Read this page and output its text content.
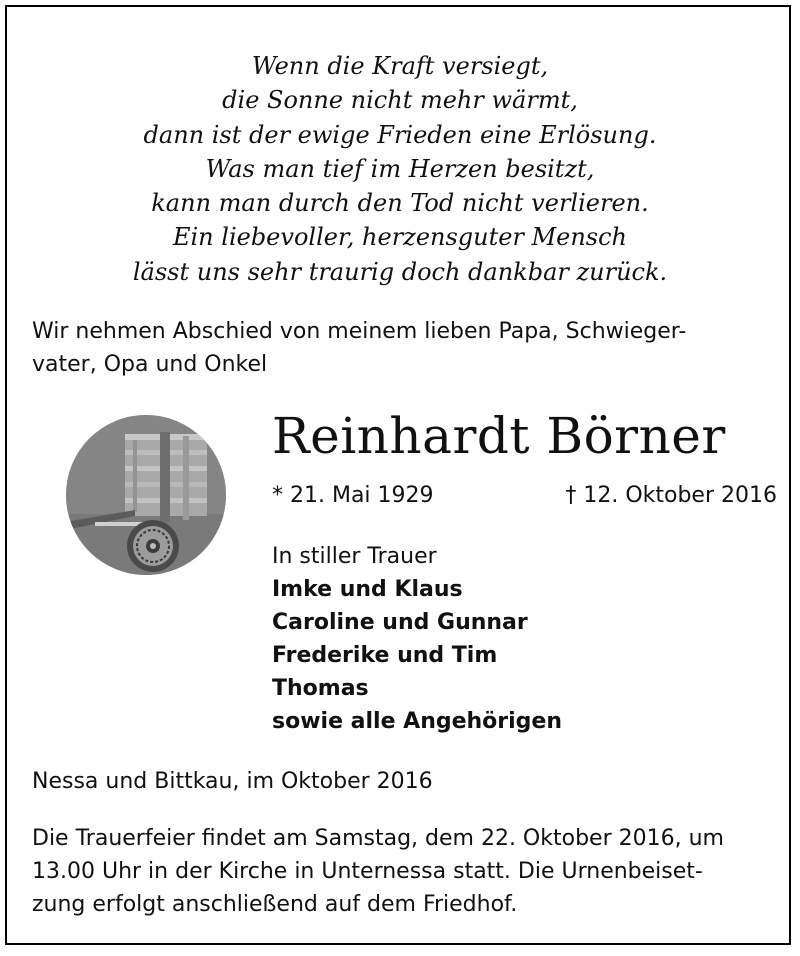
Wenn die Kraft versiegt,
die Sonne nicht mehr wärmt,
dann ist der ewige Frieden eine Erlösung.
Was man tief im Herzen besitzt,
kann man durch den Tod nicht verlieren.
Ein liebevoller, herzensguter Mensch
lässt uns sehr traurig doch dankbar zurück.
Wir nehmen Abschied von meinem lieben Papa, Schwieger-
vater, Opa und Onkel
Reinhardt Börner
* 21. Mai 1929	† 12. Oktober 2016
In stiller Trauer
Imke und Klaus
Caroline und Gunnar
Frederike und Tim
Thomas
sowie alle Angehörigen
Nessa und Bittkau, im Oktober 2016
Die Trauerfeier findet am Samstag, dem 22. Oktober 2016, um
13.00 Uhr in der Kirche in Unternessa statt. Die Urnenbeiset-
zung erfolgt anschließend auf dem Friedhof.
